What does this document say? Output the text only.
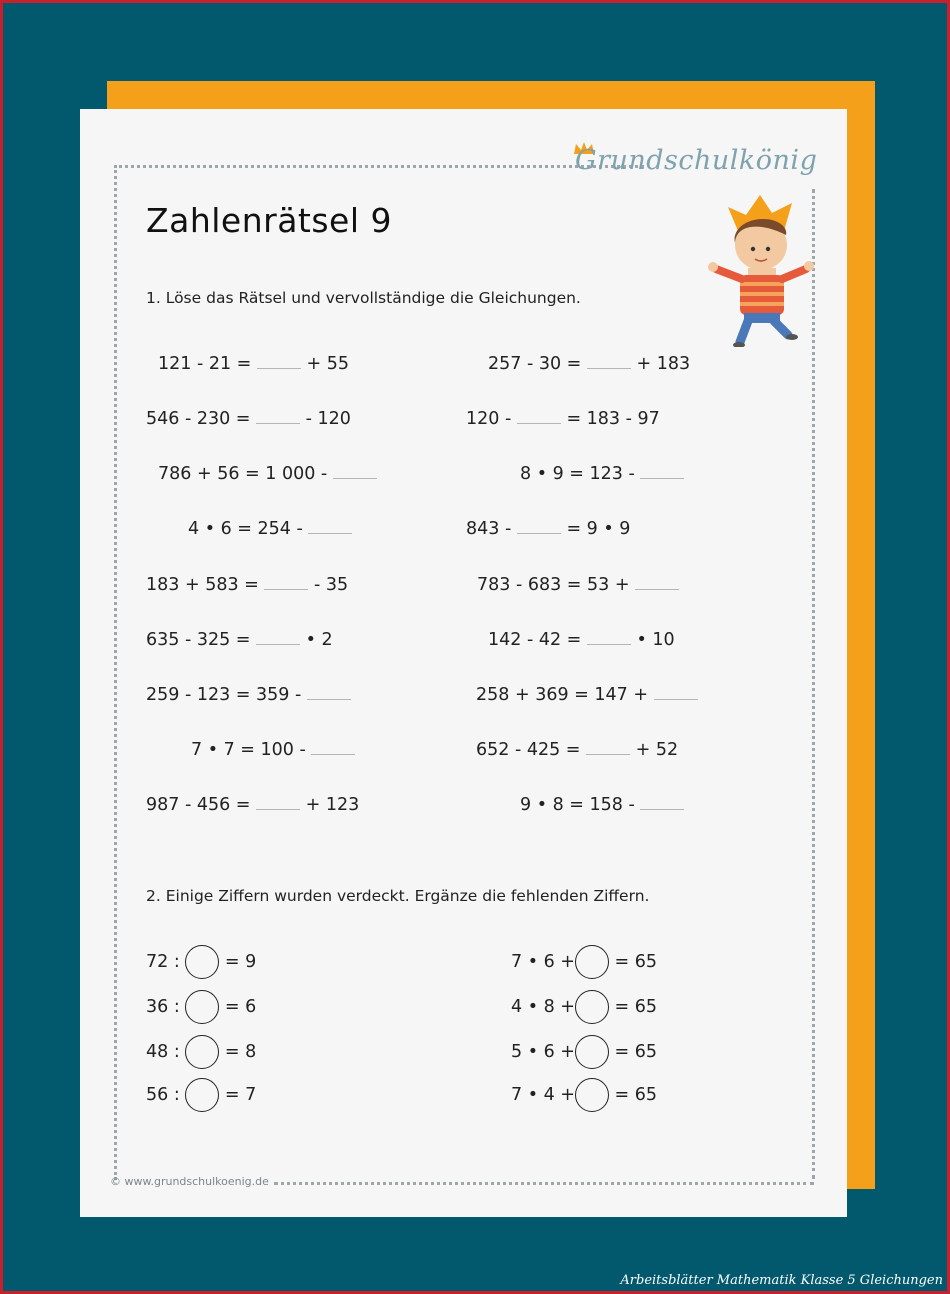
Grundschulkönig
Zahlenrätsel 9
1. Löse das Rätsel und vervollständige die Gleichungen.
121 - 21 =	+ 55
546 - 230 =	- 120
786 + 56 = 1 000 -
4 • 6 = 254 -
183 + 583 =	- 35
635 - 325 =	• 2
259 - 123 = 359 -
7 • 7 = 100 -
987 - 456 =	+ 123
257 - 30 =	+ 183
120 -	= 183 - 97
8 • 9 = 123 -
843 -	= 9 • 9
783 - 683 = 53 +
142 - 42 =	• 10
258 + 369 = 147 +
652 - 425 =	+ 52
9 • 8 = 158 -
2. Einige Ziffern wurden verdeckt. Ergänze die fehlenden Ziffern.
72 :	= 9
36 :	= 6
48 :	= 8
56 :	= 7
7 • 6 + = 65
4 • 8 + = 65
5 • 6 + = 65
7 • 4 + = 65
© www.grundschulkoenig.de
Arbeitsblätter Mathematik Klasse 5 Gleichungen
